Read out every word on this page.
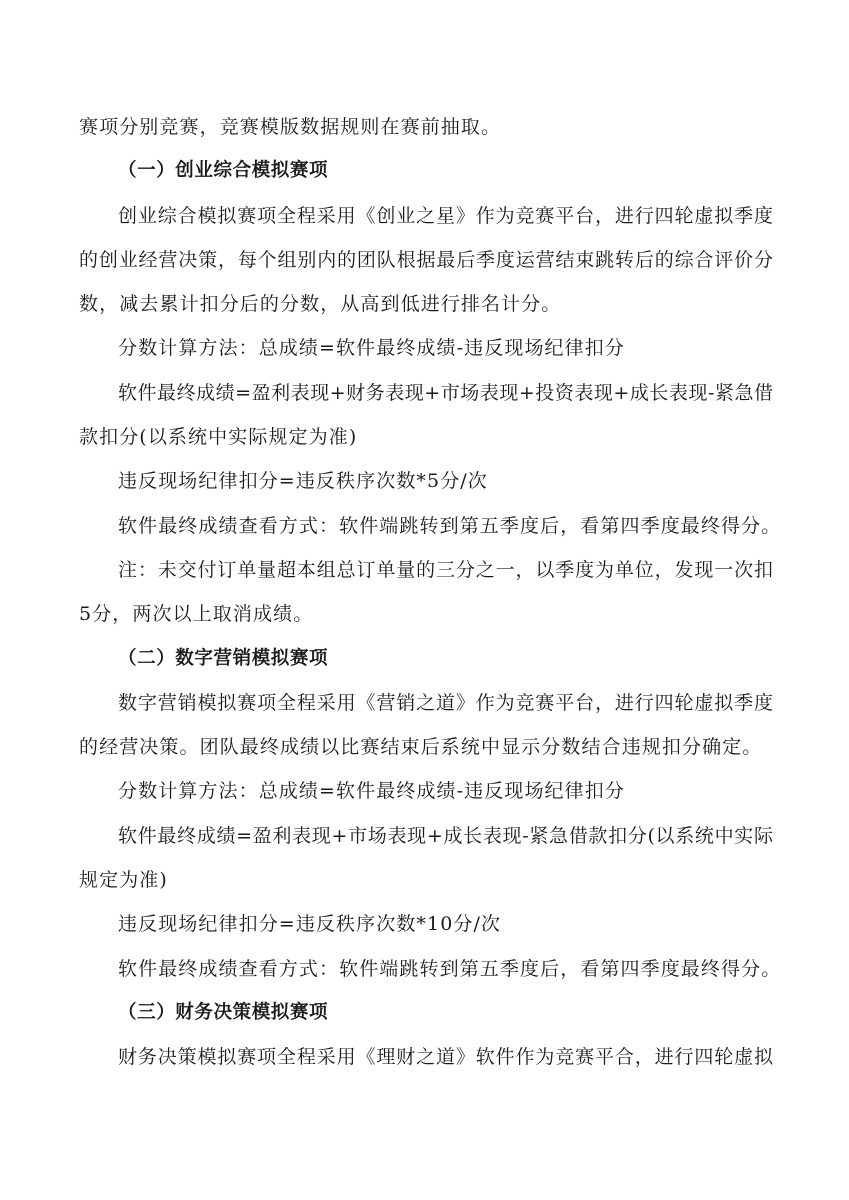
赛项分别竞赛，竞赛模版数据规则在赛前抽取。
（一）创业综合模拟赛项
创业综合模拟赛项全程采用《创业之星》作为竞赛平台，进行四轮虚拟季度
的创业经营决策，每个组别内的团队根据最后季度运营结束跳转后的综合评价分
数，减去累计扣分后的分数，从高到低进行排名计分。
分数计算方法：总成绩=软件最终成绩-违反现场纪律扣分
软件最终成绩=盈利表现+财务表现+市场表现+投资表现+成长表现-紧急借
款扣分(以系统中实际规定为准)
违反现场纪律扣分=违反秩序次数*5分/次
软件最终成绩查看方式：软件端跳转到第五季度后，看第四季度最终得分。
注：未交付订单量超本组总订单量的三分之一，以季度为单位，发现一次扣
5分，两次以上取消成绩。
（二）数字营销模拟赛项
数字营销模拟赛项全程采用《营销之道》作为竞赛平台，进行四轮虚拟季度
的经营决策。团队最终成绩以比赛结束后系统中显示分数结合违规扣分确定。
分数计算方法：总成绩=软件最终成绩-违反现场纪律扣分
软件最终成绩=盈利表现+市场表现+成长表现-紧急借款扣分(以系统中实际
规定为准)
违反现场纪律扣分=违反秩序次数*10分/次
软件最终成绩查看方式：软件端跳转到第五季度后，看第四季度最终得分。
（三）财务决策模拟赛项
财务决策模拟赛项全程采用《理财之道》软件作为竞赛平合，进行四轮虚拟
